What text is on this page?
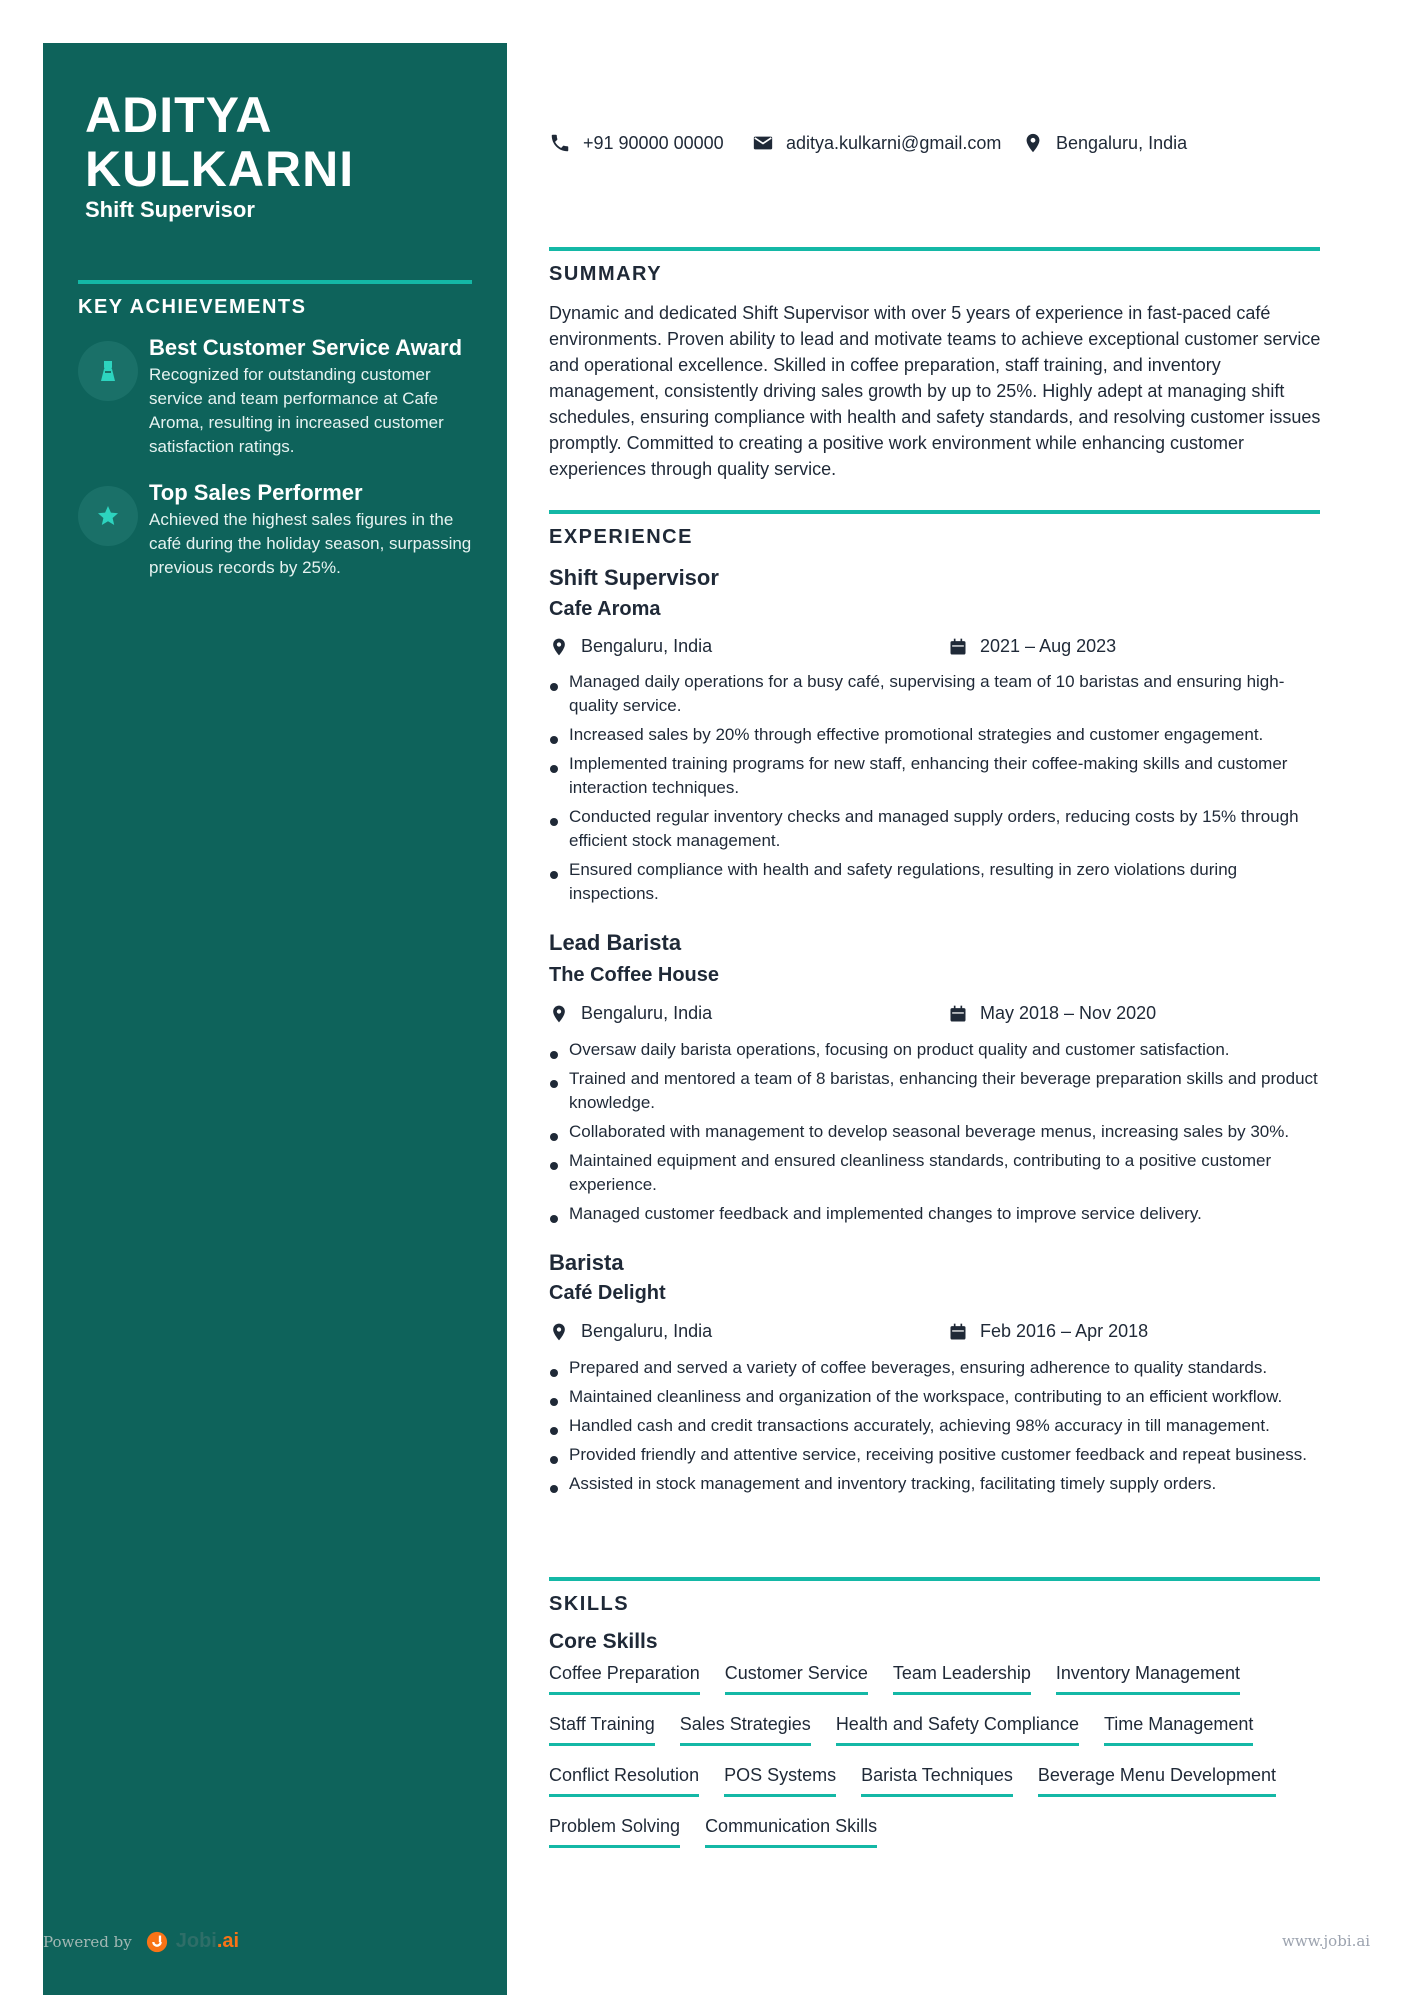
ADITYA KULKARNI
Shift Supervisor
KEY ACHIEVEMENTS
Best Customer Service Award
Recognized for outstanding customer service and team performance at Cafe Aroma, resulting in increased customer satisfaction ratings.
Top Sales Performer
Achieved the highest sales figures in the café during the holiday season, surpassing previous records by 25%.
+91 90000 00000	aditya.kulkarni@gmail.com	Bengaluru, India
SUMMARY
Dynamic and dedicated Shift Supervisor with over 5 years of experience in fast-paced café environments. Proven ability to lead and motivate teams to achieve exceptional customer service and operational excellence. Skilled in coffee preparation, staff training, and inventory management, consistently driving sales growth by up to 25%. Highly adept at managing shift schedules, ensuring compliance with health and safety standards, and resolving customer issues promptly. Committed to creating a positive work environment while enhancing customer experiences through quality service.
EXPERIENCE
Shift Supervisor
Cafe Aroma
Bengaluru, India	2021 – Aug 2023
Managed daily operations for a busy café, supervising a team of 10 baristas and ensuring high-quality service.
Increased sales by 20% through effective promotional strategies and customer engagement.
Implemented training programs for new staff, enhancing their coffee-making skills and customer interaction techniques.
Conducted regular inventory checks and managed supply orders, reducing costs by 15% through efficient stock management.
Ensured compliance with health and safety regulations, resulting in zero violations during inspections.
Lead Barista
The Coffee House
Bengaluru, India	May 2018 – Nov 2020
Oversaw daily barista operations, focusing on product quality and customer satisfaction.
Trained and mentored a team of 8 baristas, enhancing their beverage preparation skills and product knowledge.
Collaborated with management to develop seasonal beverage menus, increasing sales by 30%.
Maintained equipment and ensured cleanliness standards, contributing to a positive customer experience.
Managed customer feedback and implemented changes to improve service delivery.
Barista
Café Delight
Bengaluru, India	Feb 2016 – Apr 2018
Prepared and served a variety of coffee beverages, ensuring adherence to quality standards.
Maintained cleanliness and organization of the workspace, contributing to an efficient workflow.
Handled cash and credit transactions accurately, achieving 98% accuracy in till management.
Provided friendly and attentive service, receiving positive customer feedback and repeat business.
Assisted in stock management and inventory tracking, facilitating timely supply orders.
SKILLS
Core Skills
Coffee Preparation Customer Service Team Leadership Inventory Management
Staff Training Sales Strategies Health and Safety Compliance Time Management
Conflict Resolution POS Systems Barista Techniques Beverage Menu Development
Problem Solving Communication Skills
Powered by Jobi.ai	www.jobi.ai
